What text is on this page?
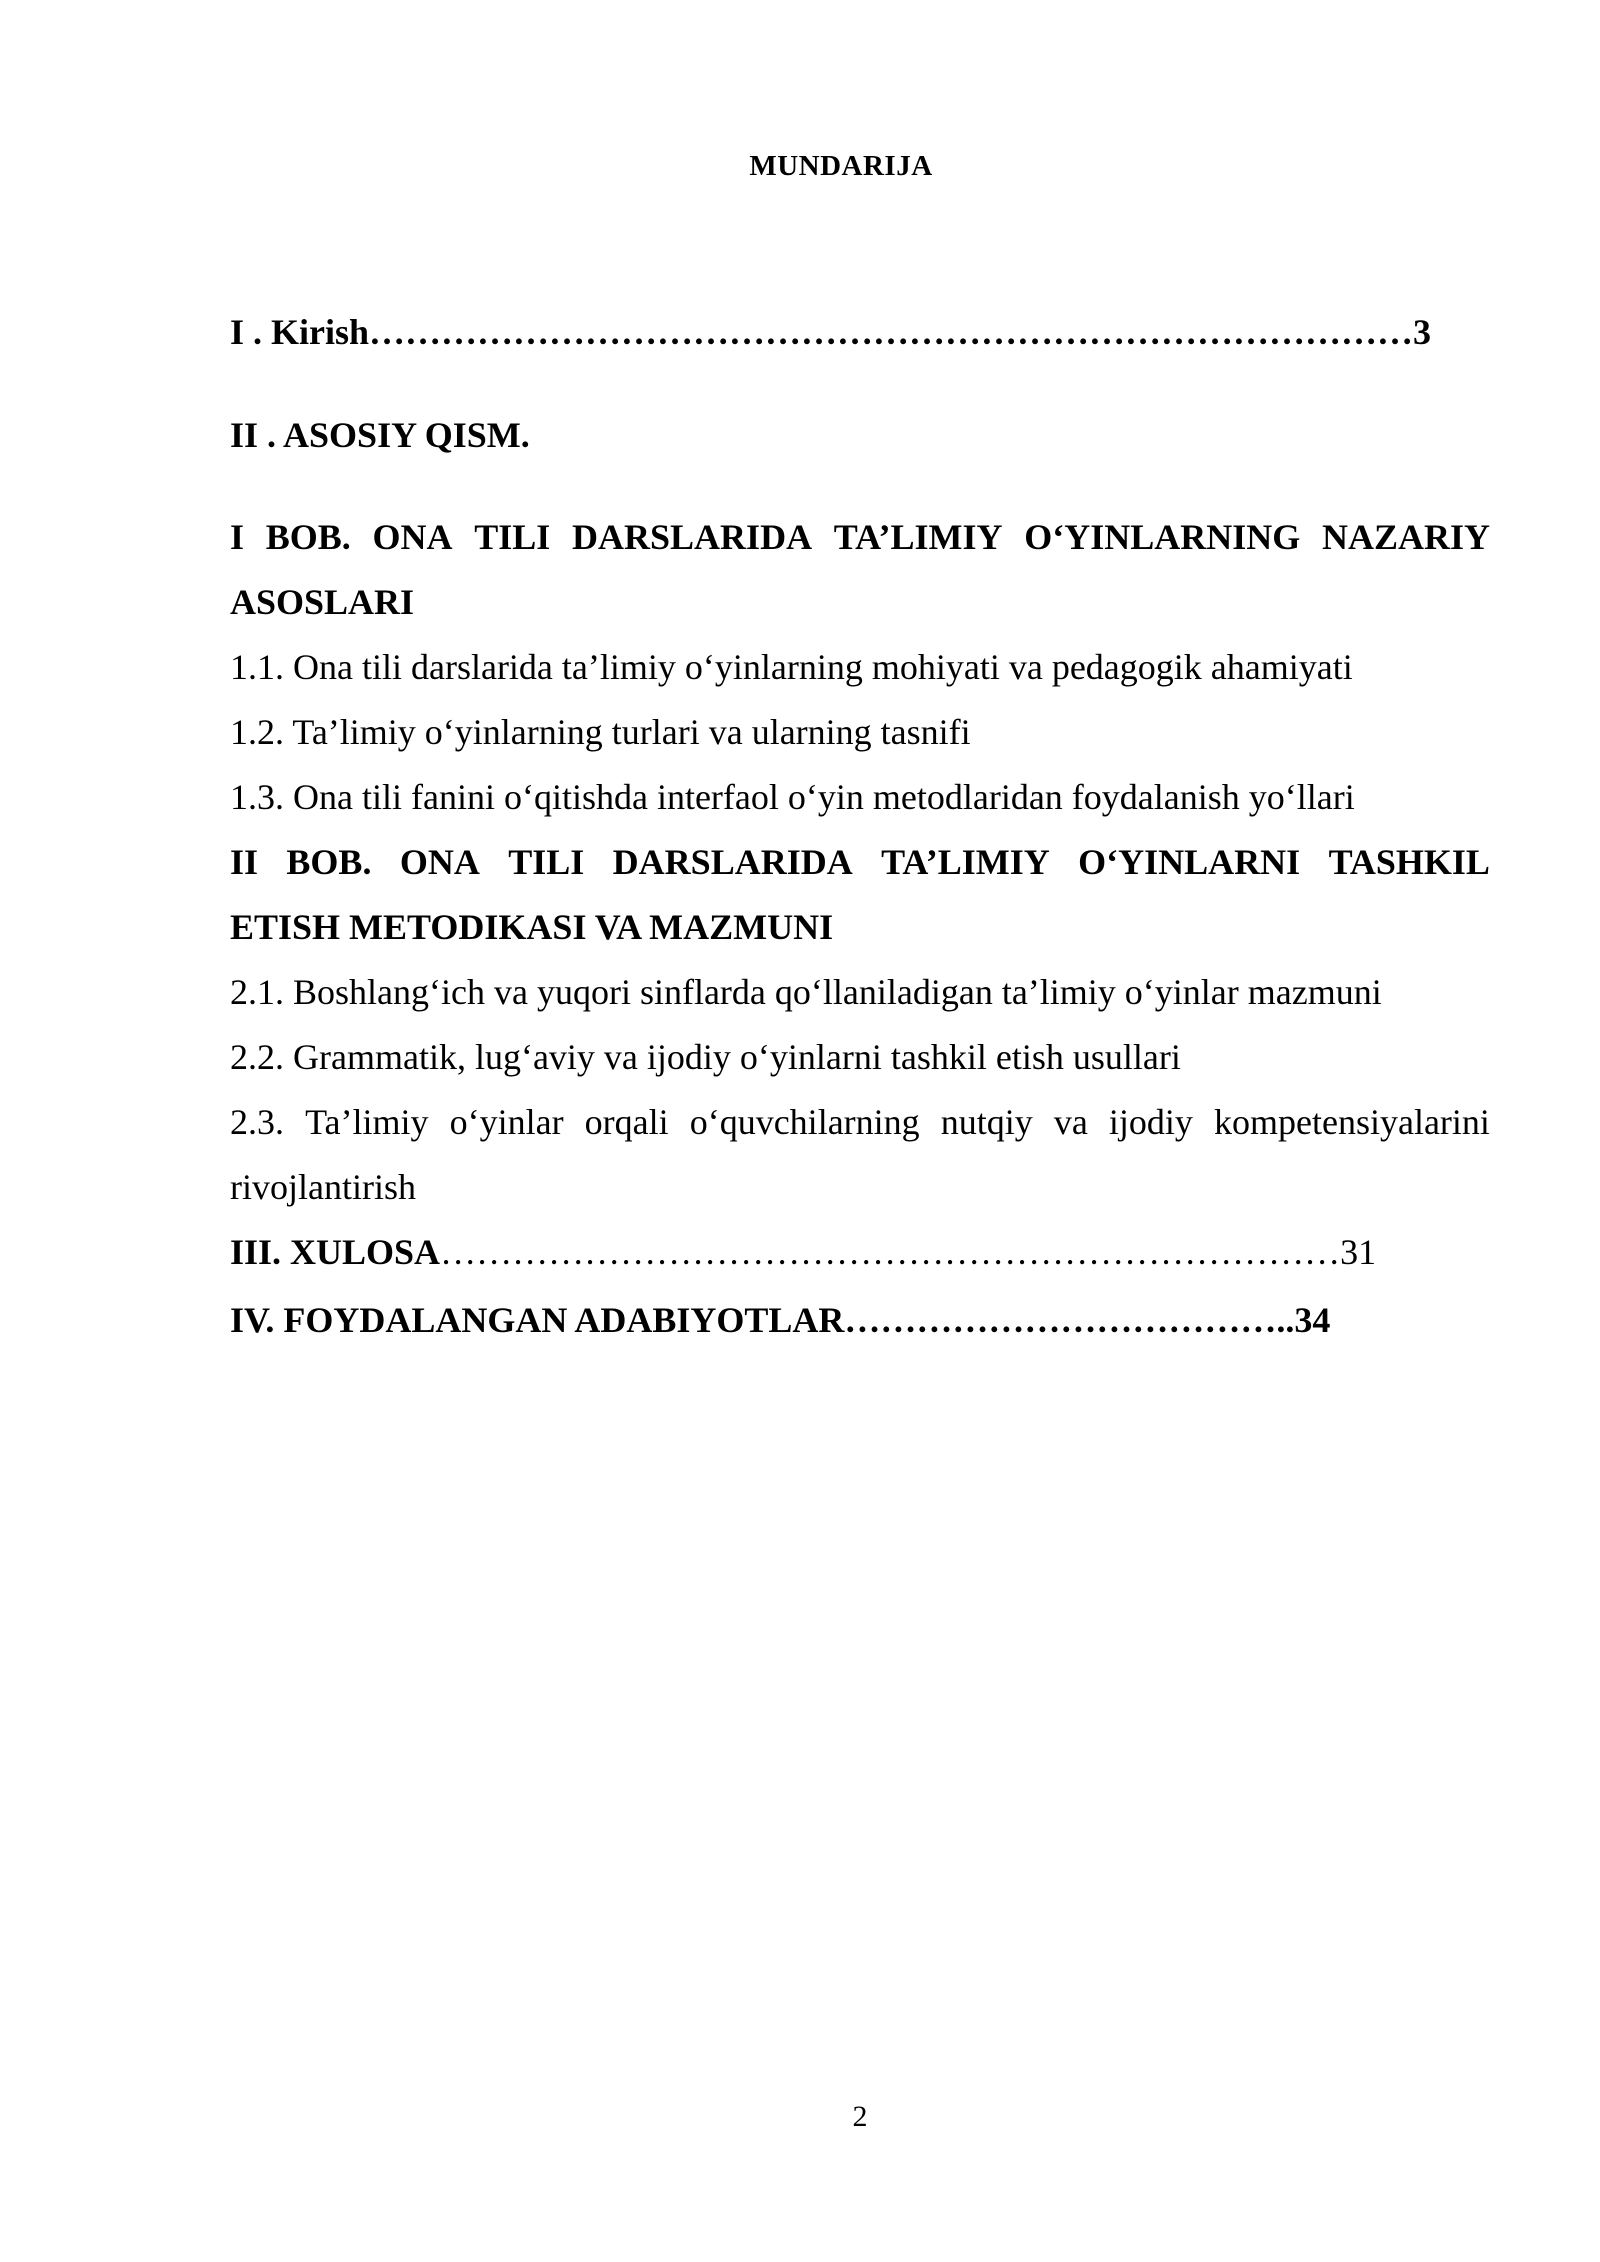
MUNDARIJA
I . Kirish …………………………………………………………………………… 3
II . ASOSIY QISM.
I BOB. ONA TILI DARSLARIDA TA’LIMIY O‘YINLARNING NAZARIY
ASOSLARI
1.1. Ona tili darslarida ta’limiy o‘yinlarning mohiyati va pedagogik ahamiyati
1.2. Ta’limiy o‘yinlarning turlari va ularning tasnifi
1.3. Ona tili fanini o‘qitishda interfaol o‘yin metodlaridan foydalanish yo‘llari
II BOB. ONA TILI DARSLARIDA TA’LIMIY O‘YINLARNI TASHKIL
ETISH METODIKASI VA MAZMUNI
2.1. Boshlang‘ich va yuqori sinflarda qo‘llaniladigan ta’limiy o‘yinlar mazmuni
2.2. Grammatik, lug‘aviy va ijodiy o‘yinlarni tashkil etish usullari
2.3. Ta’limiy o‘yinlar orqali o‘quvchilarning nutqiy va ijodiy kompetensiyalarini
rivojlantirish
III. XULOSA ………………………………………………………………… 31
IV. FOYDALANGAN ADABIYOTLAR ……………………………….. 34
2
